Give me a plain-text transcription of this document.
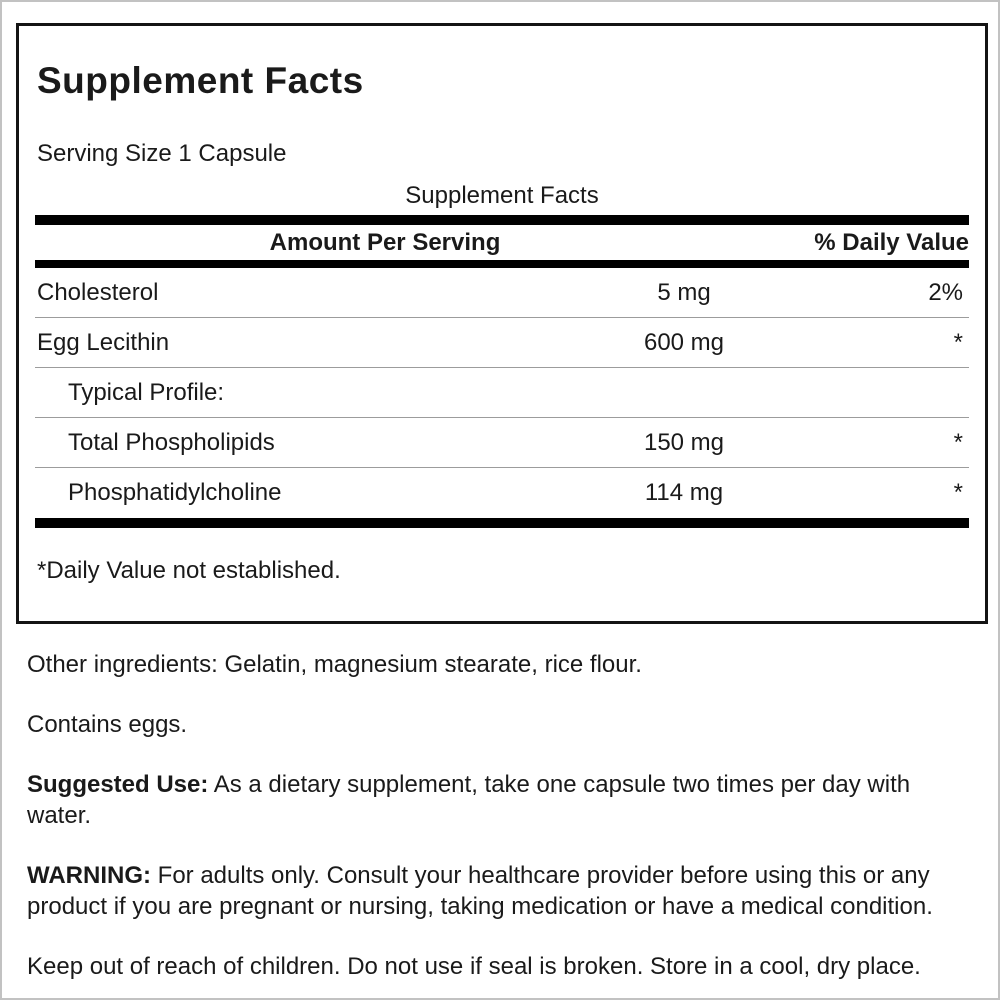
Supplement Facts
Serving Size 1 Capsule
Supplement Facts
Amount Per Serving	% Daily Value
Cholesterol	5 mg	2%
Egg Lecithin	600 mg	*
Typical Profile:
Total Phospholipids	150 mg	*
Phosphatidylcholine	114 mg	*
*Daily Value not established.

Other ingredients: Gelatin, magnesium stearate, rice flour.

Contains eggs.

Suggested Use: As a dietary supplement, take one capsule two times per day with water.

WARNING: For adults only. Consult your healthcare provider before using this or any product if you are pregnant or nursing, taking medication or have a medical condition.

Keep out of reach of children. Do not use if seal is broken. Store in a cool, dry place.
